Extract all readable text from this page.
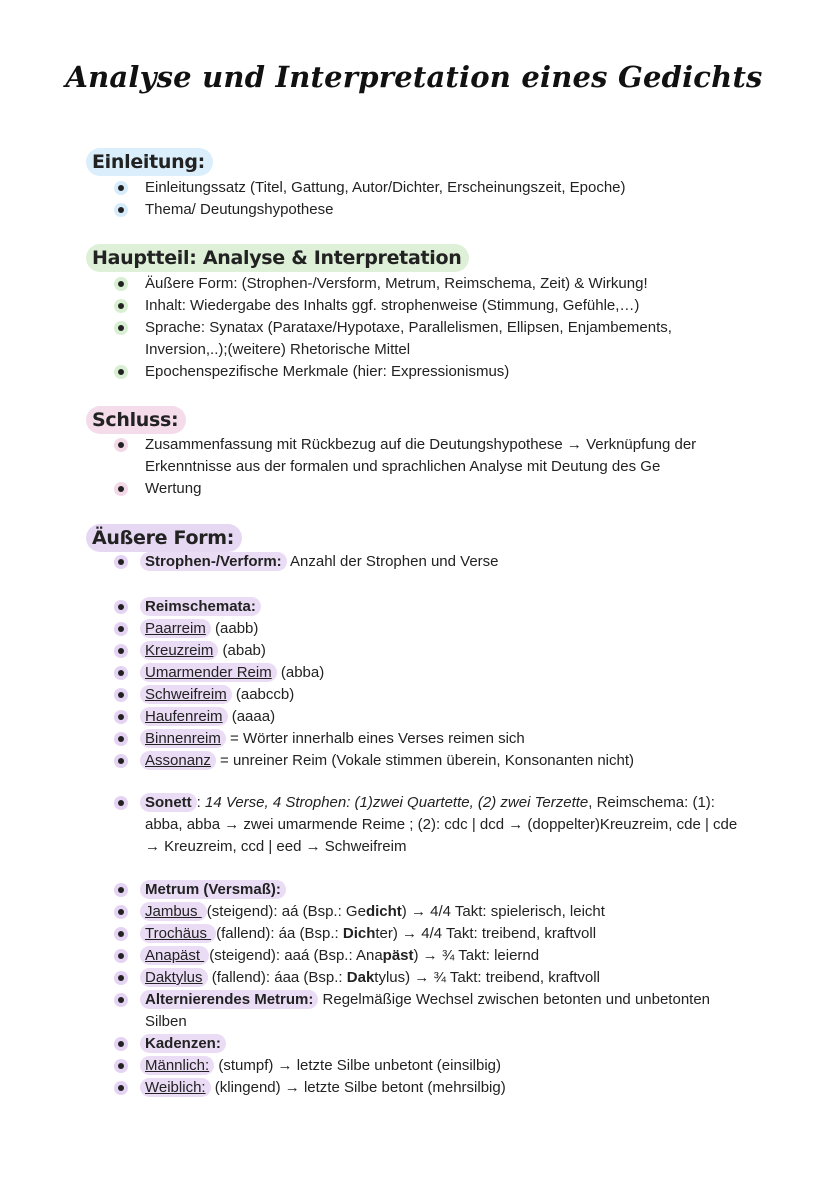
Analyse und Interpretation eines Gedichts
Einleitung:
Einleitungssatz (Titel, Gattung, Autor/Dichter, Erscheinungszeit, Epoche)
Thema/ Deutungshypothese
Hauptteil: Analyse & Interpretation
Äußere Form: (Strophen-/Versform, Metrum, Reimschema, Zeit) & Wirkung!
Inhalt: Wiedergabe des Inhalts ggf. strophenweise (Stimmung, Gefühle,…)
Sprache: Synatax (Parataxe/Hypotaxe, Parallelismen, Ellipsen, Enjambements, Inversion,..);(weitere) Rhetorische Mittel
Epochenspezifische Merkmale (hier: Expressionismus)
Schluss:
Zusammenfassung mit Rückbezug auf die Deutungshypothese → Verknüpfung der Erkenntnisse aus der formalen und sprachlichen Analyse mit Deutung des Ge
Wertung
Äußere Form:
Strophen-/Verform: Anzahl der Strophen und Verse
Reimschemata:
Paarreim (aabb)
Kreuzreim (abab)
Umarmender Reim (abba)
Schweifreim (aabccb)
Haufenreim (aaaa)
Binnenreim = Wörter innerhalb eines Verses reimen sich
Assonanz = unreiner Reim (Vokale stimmen überein, Konsonanten nicht)
Sonett : 14 Verse, 4 Strophen: (1)zwei Quartette, (2) zwei Terzette, Reimschema: (1): abba, abba → zwei umarmende Reime ; (2): cdc | dcd → (doppelter)Kreuzreim, cde | cde → Kreuzreim, ccd | eed → Schweifreim
Metrum (Versmaß):
Jambus (steigend): aá (Bsp.: Gedicht) → 4/4 Takt: spielerisch, leicht
Trochäus (fallend): áa (Bsp.: Dichter) → 4/4 Takt: treibend, kraftvoll
Anapäst (steigend): aaá (Bsp.: Anapäst) → ¾ Takt: leiernd
Daktylus (fallend): áaa (Bsp.: Daktylus) → ¾ Takt: treibend, kraftvoll
Alternierendes Metrum: Regelmäßige Wechsel zwischen betonten und unbetonten Silben
Kadenzen:
Männlich: (stumpf) → letzte Silbe unbetont (einsilbig)
Weiblich: (klingend) → letzte Silbe betont (mehrsilbig)
